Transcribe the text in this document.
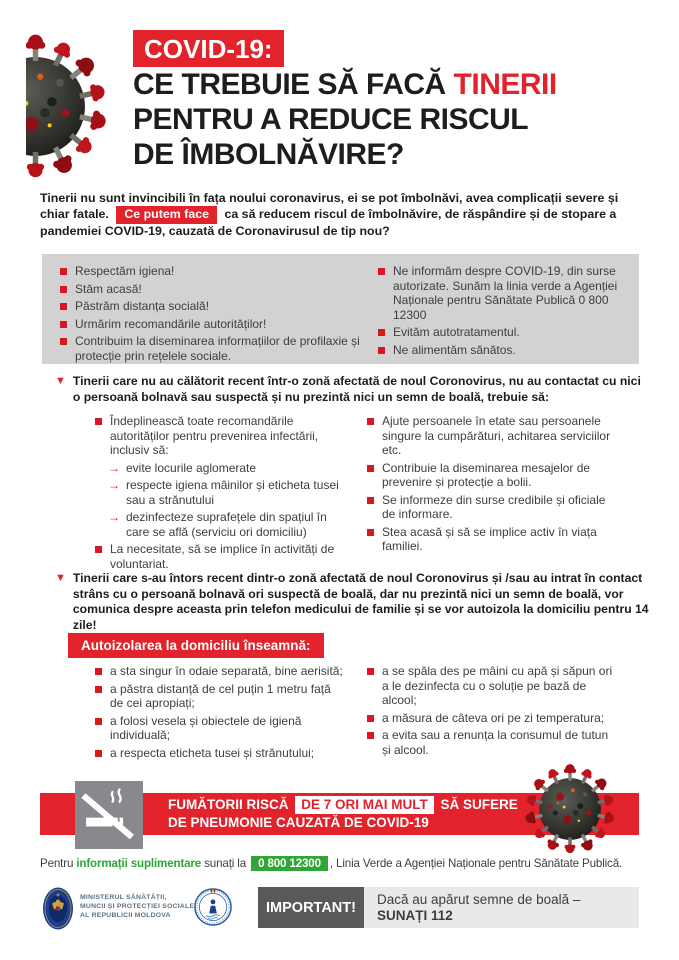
COVID-19:
CE TREBUIE SĂ FACĂ TINERII
PENTRU A REDUCE RISCUL
DE ÎMBOLNĂVIRE?

Tinerii nu sunt invincibili în fața noului coronavirus, ei se pot îmbolnăvi, avea complicații severe și chiar fatale. Ce putem face ca să reducem riscul de îmbolnăvire, de răspândire și de stopare a pandemiei COVID-19, cauzată de Coronavirusul de tip nou?

Respectăm igiena!
Stăm acasă!
Păstrăm distanța socială!
Urmărim recomandările autorităților!
Contribuim la diseminarea informațiilor de profilaxie și protecție prin rețelele sociale.
Ne informăm despre COVID-19, din surse autorizate. Sunăm la linia verde a Agenției Naționale pentru Sănătate Publică 0 800 12300
Evităm autotratamentul.
Ne alimentăm sănătos.
▼ Tinerii care nu au călătorit recent într-o zonă afectată de noul Coronovirus, nu au contactat cu nici o persoană bolnavă sau suspectă și nu prezintă nici un semn de boală, trebuie să:
Îndeplinească toate recomandările autorităților pentru prevenirea infectării, inclusiv să:
→ evite locurile aglomerate
→ respecte igiena mâinilor și eticheta tusei sau a strănutului
→ dezinfecteze suprafețele din spațiul în care se află (serviciu ori domiciliu)
La necesitate, să se implice în activități de voluntariat.
Ajute persoanele în etate sau persoanele singure la cumpărături, achitarea serviciilor etc.
Contribuie la diseminarea mesajelor de prevenire și protecție a bolii.
Se informeze din surse credibile și oficiale de informare.
Stea acasă și să se implice activ în viața familiei.
▼ Tinerii care s-au întors recent dintr-o zonă afectată de noul Coronovirus și /sau au intrat în contact strâns cu o persoană bolnavă ori suspectă de boală, dar nu prezintă nici un semn de boală, vor comunica despre aceasta prin telefon medicului de familie și se vor autoizola la domiciliu pentru 14 zile!
Autoizolarea la domiciliu înseamnă:
a sta singur în odaie separată, bine aerisită;
a păstra distanță de cel puțin 1 metru față de cei apropiați;
a folosi vesela și obiectele de igienă individuală;
a respecta eticheta tusei și strănutului;
a se spăla des pe mâini cu apă și săpun ori a le dezinfecta cu o soluție pe bază de alcool;
a măsura de câteva ori pe zi temperatura;
a evita sau a renunța la consumul de tutun și alcool.
FUMĂTORII RISCĂ DE 7 ORI MAI MULT SĂ SUFERE DE PNEUMONIE CAUZATĂ DE COVID-19

Pentru informații suplimentare sunați la 0 800 12300 , Linia Verde a Agenției Naționale pentru Sănătate Publică.

MINISTERUL SĂNĂTĂȚII,
MUNCII ȘI PROTECȚIEI SOCIALE
AL REPUBLICII MOLDOVA	IMPORTANT!	Dacă au apărut semne de boală –
SUNAȚI 112
